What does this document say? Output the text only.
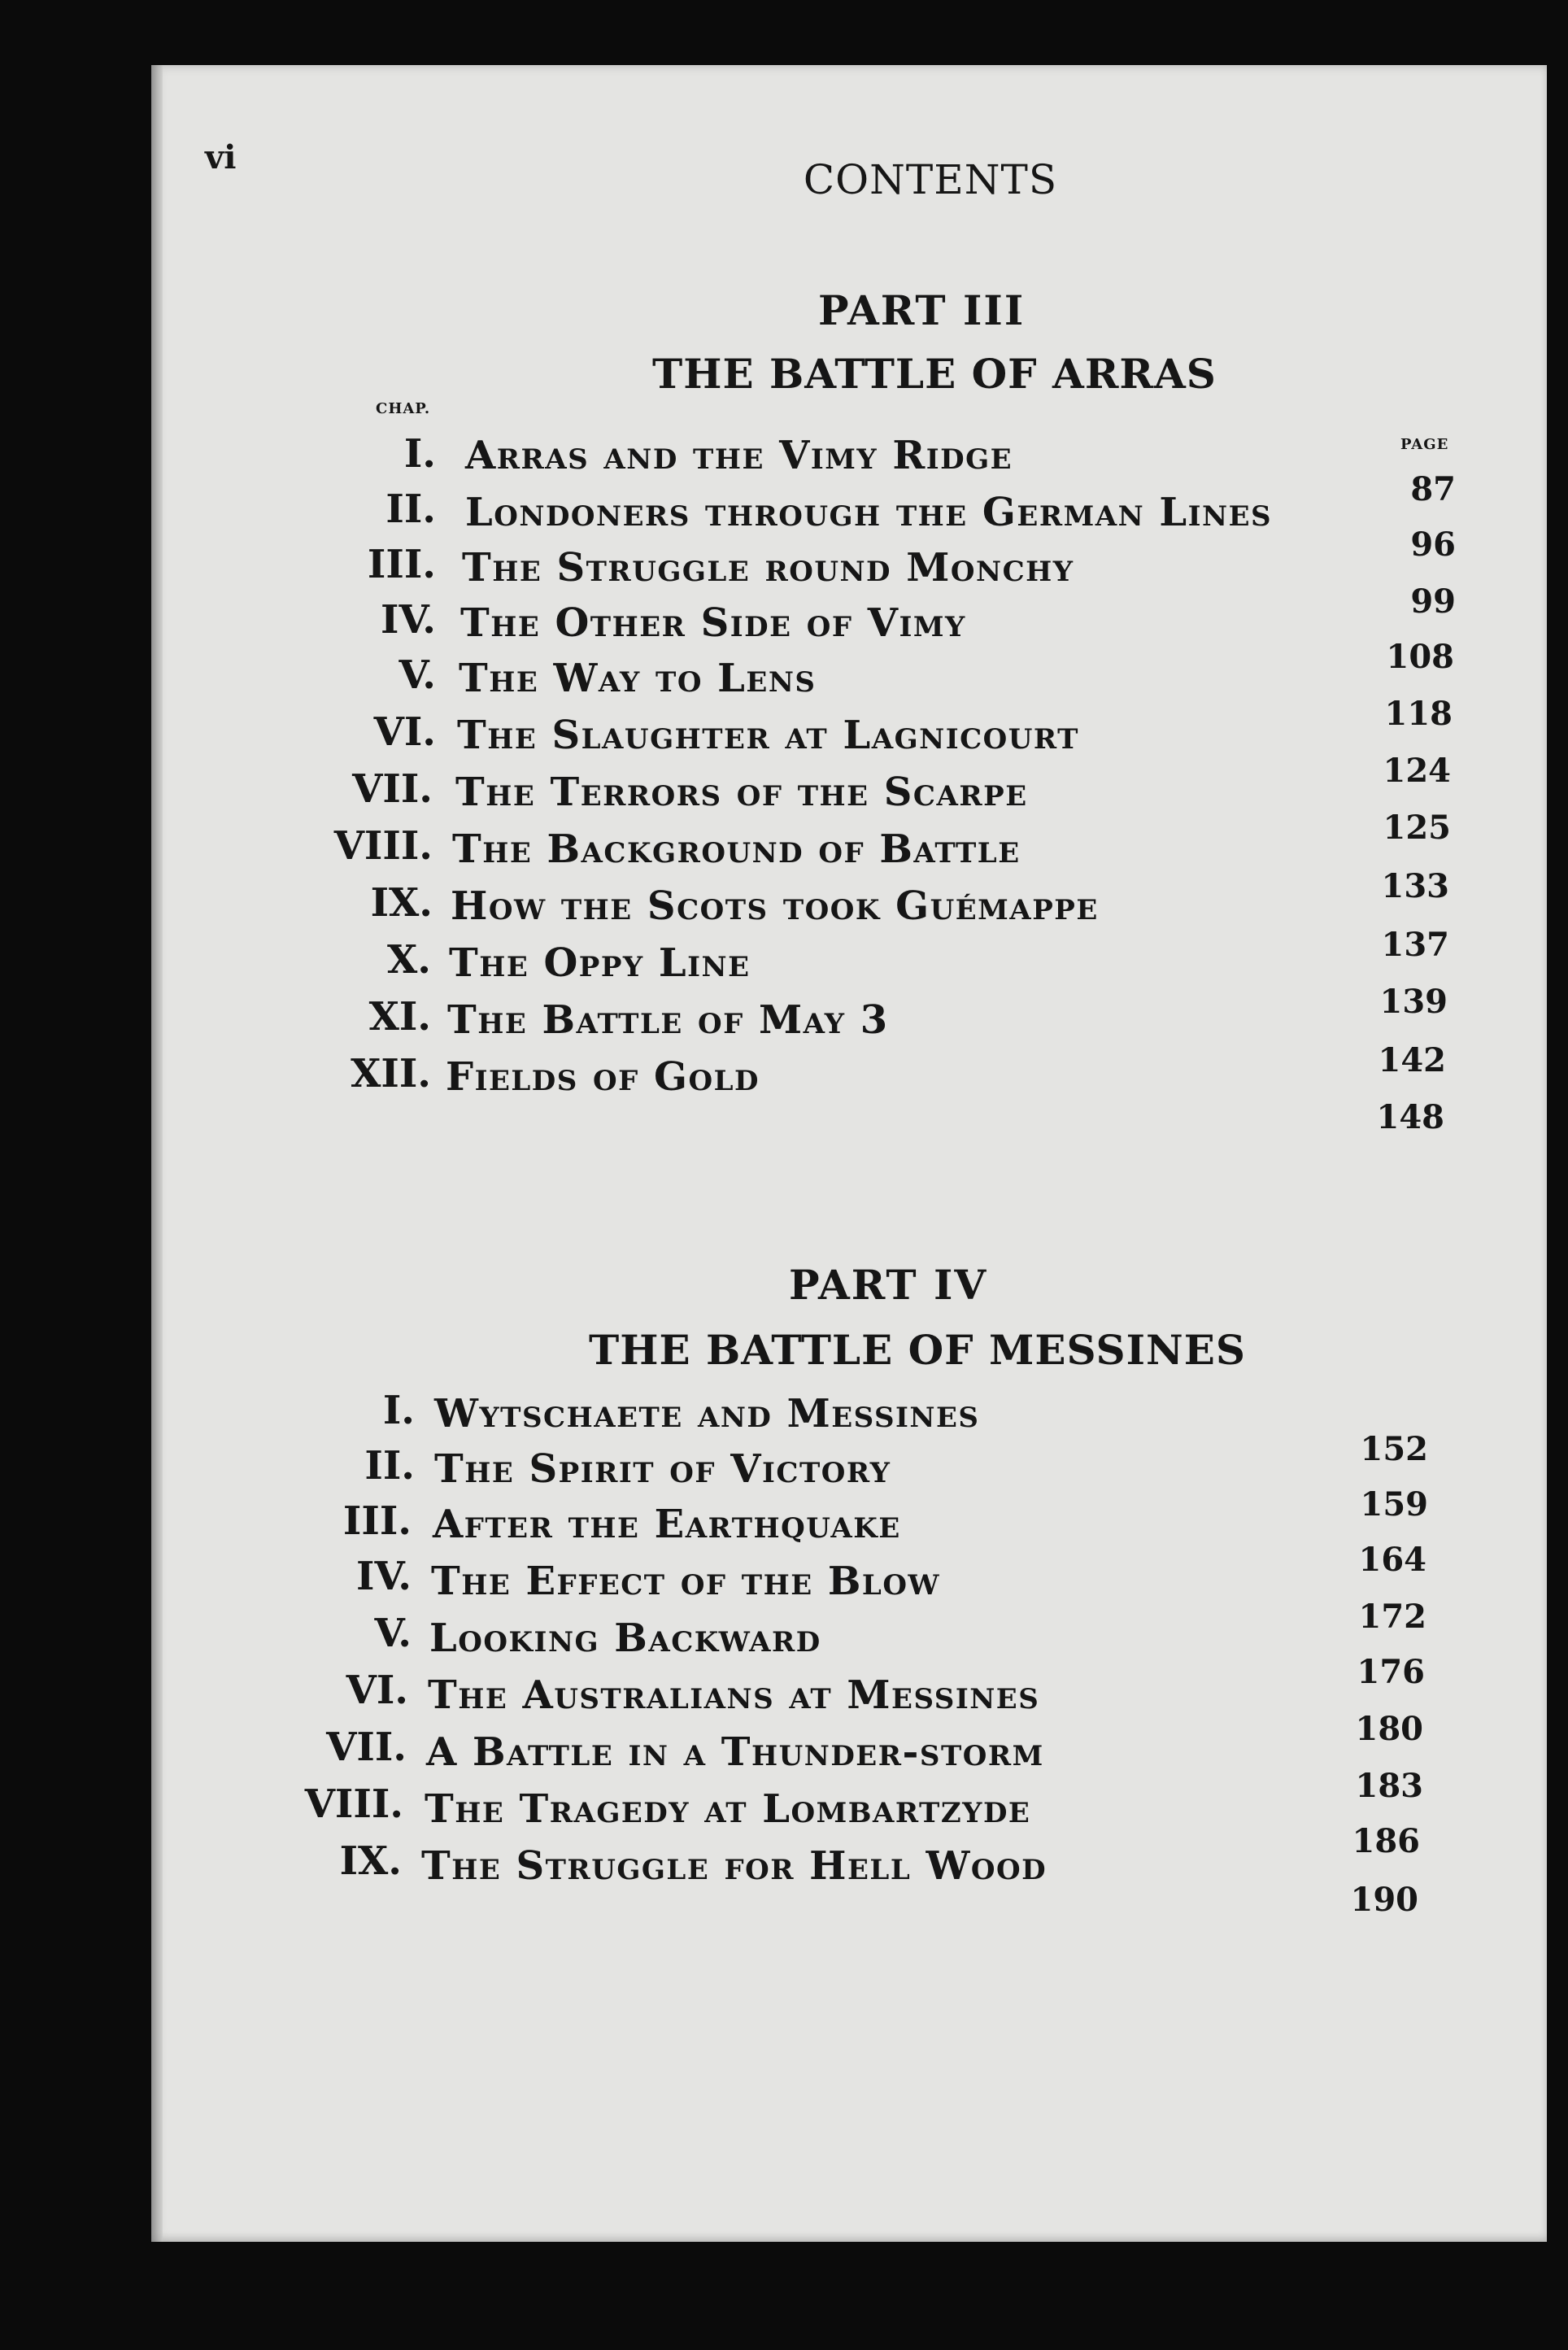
vi	CONTENTS
PART III
THE BATTLE OF ARRAS
CHAP.
PAGE
I. Arras and the Vimy Ridge
87
II. Londoners through the German Lines
96
III. The Struggle round Monchy
99
IV. The Other Side of Vimy
108
V. The Way to Lens
118
VI. The Slaughter at Lagnicourt
124
VII. The Terrors of the Scarpe
125
VIII. The Background of Battle
133
IX. How the Scots took Guémappe
137
X. The Oppy Line
139
XI. The Battle of May 3
142
XII. Fields of Gold
148
PART IV
THE BATTLE OF MESSINES
I. Wytschaete and Messines
152
II. The Spirit of Victory
159
III. After the Earthquake
164
IV. The Effect of the Blow
172
V. Looking Backward
176
VI. The Australians at Messines
180
VII. A Battle in a Thunder-storm
183
VIII. The Tragedy at Lombartzyde
186
IX. The Struggle for Hell Wood
190
